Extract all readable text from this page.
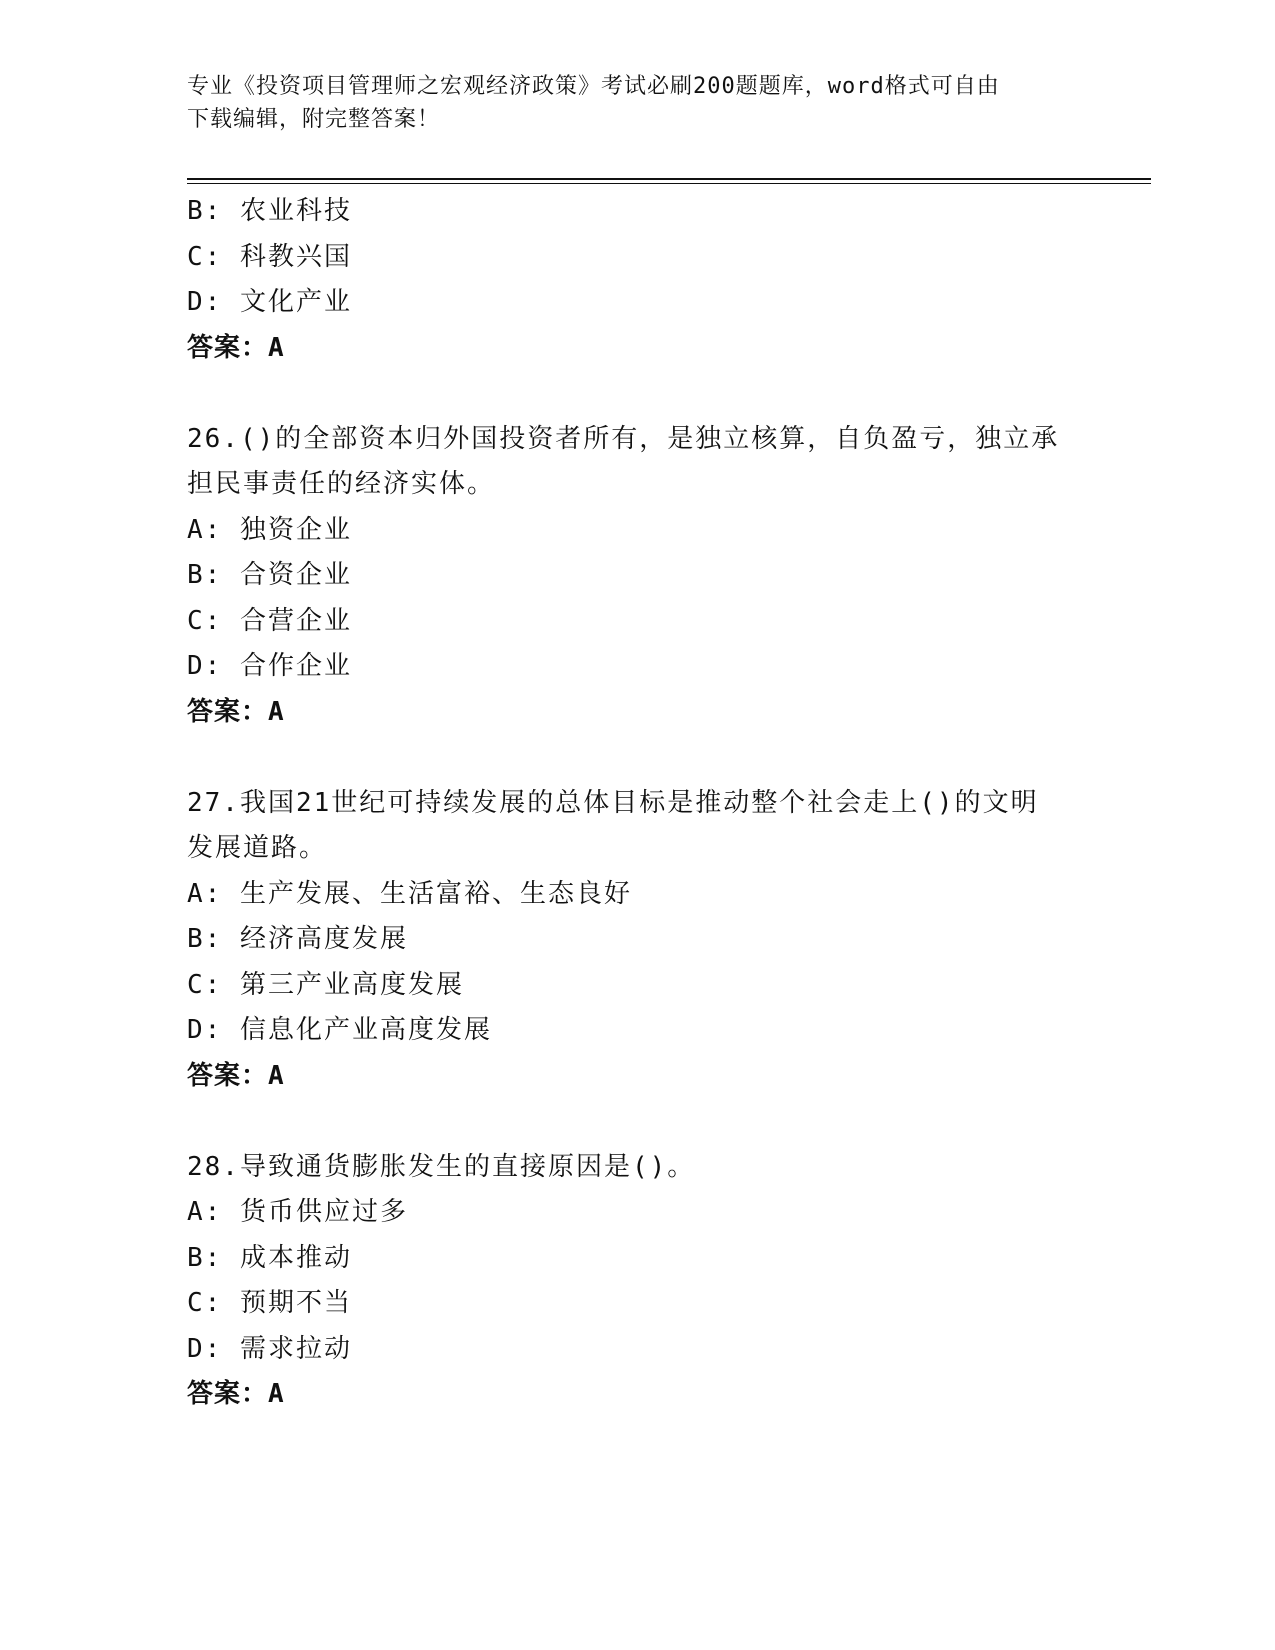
专业《投资项目管理师之宏观经济政策》考试必刷200题题库，word格式可自由
下载编辑，附完整答案！
B: 农业科技
C: 科教兴国
D: 文化产业
答案：A
26.()的全部资本归外国投资者所有，是独立核算，自负盈亏，独立承
担民事责任的经济实体。
A: 独资企业
B: 合资企业
C: 合营企业
D: 合作企业
答案：A
27.我国21世纪可持续发展的总体目标是推动整个社会走上()的文明
发展道路。
A: 生产发展、生活富裕、生态良好
B: 经济高度发展
C: 第三产业高度发展
D: 信息化产业高度发展
答案：A
28.导致通货膨胀发生的直接原因是()。
A: 货币供应过多
B: 成本推动
C: 预期不当
D: 需求拉动
答案：A
